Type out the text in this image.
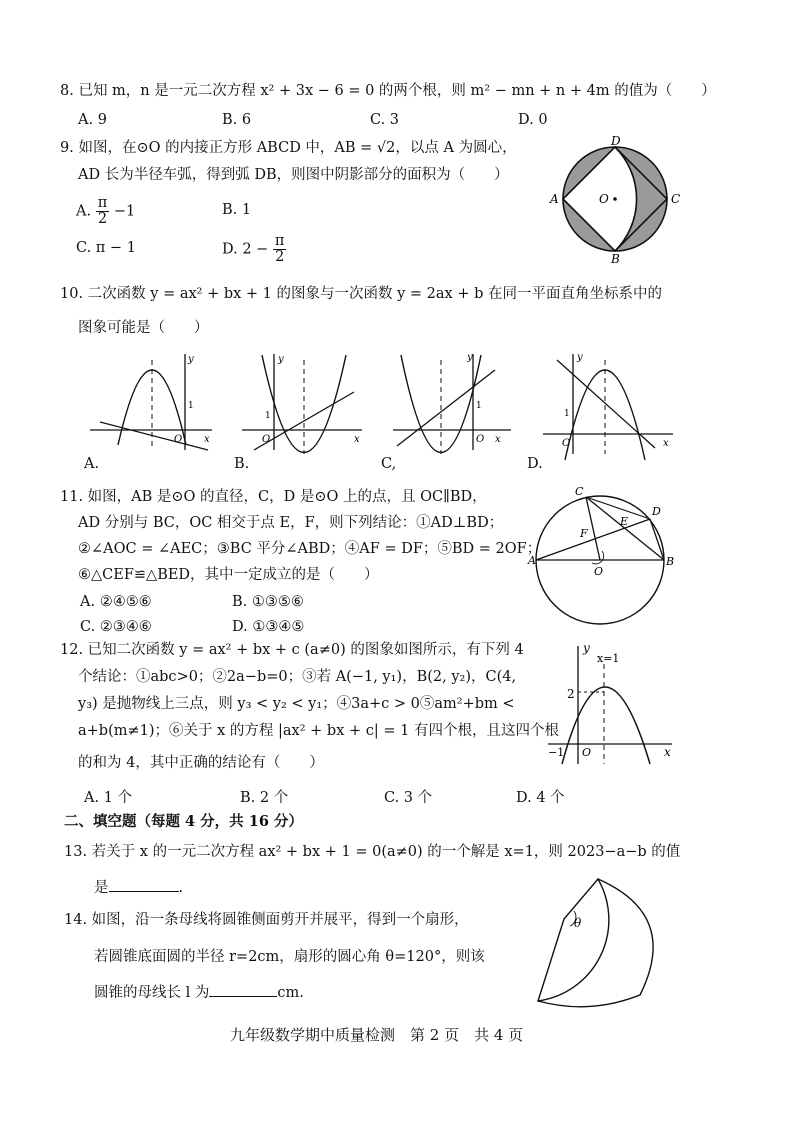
8. 已知 m，n 是一元二次方程 x² + 3x − 6 = 0 的两个根，则 m² − mn + n + 4m 的值为（　　）
A. 9	B. 6	C. 3	D. 0
9. 如图，在⊙O 的内接正方形 ABCD 中，AB = √2，以点 A 为圆心，
AD 长为半径车弧，得到弧 DB，则图中阴影部分的面积为（　　）
A. $\frac{\pi}{2} -1$	B. 1
C. π − 1	D. $2 - \frac{\pi}{2}$
A
B
C
D
O
10. 二次函数 y = ax² + bx + 1 的图象与一次函数 y = 2ax + b 在同一平面直角坐标系中的
图象可能是（　　）
y
x
O
1
A.
y
x
O
1
B.
y
x
O
1
C,
y
x
O
1
D.
11. 如图，AB 是⊙O 的直径，C，D 是⊙O 上的点，且 OC∥BD，
AD 分别与 BC，OC 相交于点 E，F，则下列结论：①AD⊥BD；
②∠AOC = ∠AEC；③BC 平分∠ABD；④AF = DF；⑤BD = 2OF；
⑥△CEF≌△BED，其中一定成立的是（　　）
A. ②④⑤⑥	B. ①③⑤⑥
C. ②③④⑥	D. ①③④⑤
C
D
E
F
O
A	B
12. 已知二次函数 y = ax² + bx + c (a≠0) 的图象如图所示，有下列 4
个结论：①abc>0；②2a−b=0；③若 A(−1, y₁)，B(2, y₂)，C(4,
y₃) 是抛物线上三点，则 y₃ < y₂ < y₁；④3a+c > 0⑤am²+bm <
a+b(m≠1)；⑥关于 x 的方程 |ax² + bx + c| = 1 有四个根，且这四个根
的和为 4，其中正确的结论有（　　）
A. 1 个	B. 2 个	C. 3 个	D. 4 个
y
x
x=1
2
−1 O
二、填空题（每题 4 分，共 16 分）
13. 若关于 x 的一元二次方程 ax² + bx + 1 = 0(a≠0) 的一个解是 x=1，则 2023−a−b 的值
是	.
14. 如图，沿一条母线将圆锥侧面剪开并展平，得到一个扇形，
若圆锥底面圆的半径 r=2cm，扇形的圆心角 θ=120°，则该
圆锥的母线长 l 为	cm.
θ
九年级数学期中质量检测　第 2 页　共 4 页
